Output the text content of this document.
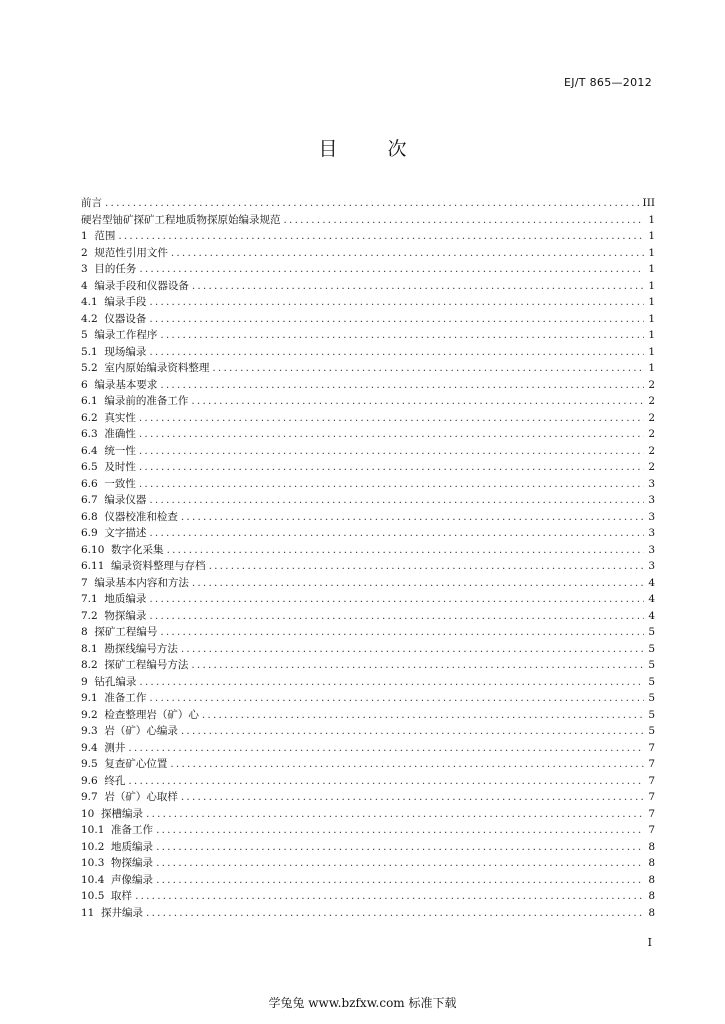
EJ/T 865—2012
目 次
前言 .....	III
硬岩型铀矿探矿工程地质物探原始编录规范 .....	1
1  范围 .....	1
2  规范性引用文件 .....	1
3  目的任务 .....	1
4  编录手段和仪器设备 .....	1
4.1  编录手段 .....	1
4.2  仪器设备 .....	1
5  编录工作程序 .....	1
5.1  现场编录 .....	1
5.2  室内原始编录资料整理 .....	1
6  编录基本要求 .....	2
6.1  编录前的准备工作 .....	2
6.2  真实性 .....	2
6.3  准确性 .....	2
6.4  统一性 .....	2
6.5  及时性 .....	2
6.6  一致性 .....	3
6.7  编录仪器 .....	3
6.8  仪器校准和检查 .....	3
6.9  文字描述 .....	3
6.10  数字化采集 .....	3
6.11  编录资料整理与存档 .....	3
7  编录基本内容和方法 .....	4
7.1  地质编录 .....	4
7.2  物探编录 .....	4
8  探矿工程编号 .....	5
8.1  勘探线编号方法 .....	5
8.2  探矿工程编号方法 .....	5
9  钻孔编录 .....	5
9.1  准备工作 .....	5
9.2  检查整理岩（矿）心 .....	5
9.3  岩（矿）心编录 .....	5
9.4  测井 .....	7
9.5  复查矿心位置 .....	7
9.6  终孔 .....	7
9.7  岩（矿）心取样 .....	7
10  探槽编录 .....	7
10.1  准备工作 .....	7
10.2  地质编录 .....	8
10.3  物探编录 .....	8
10.4  声像编录 .....	8
10.5  取样 .....	8
11  探井编录 .....	8
I
学兔兔 www.bzfxw.com 标准下载
